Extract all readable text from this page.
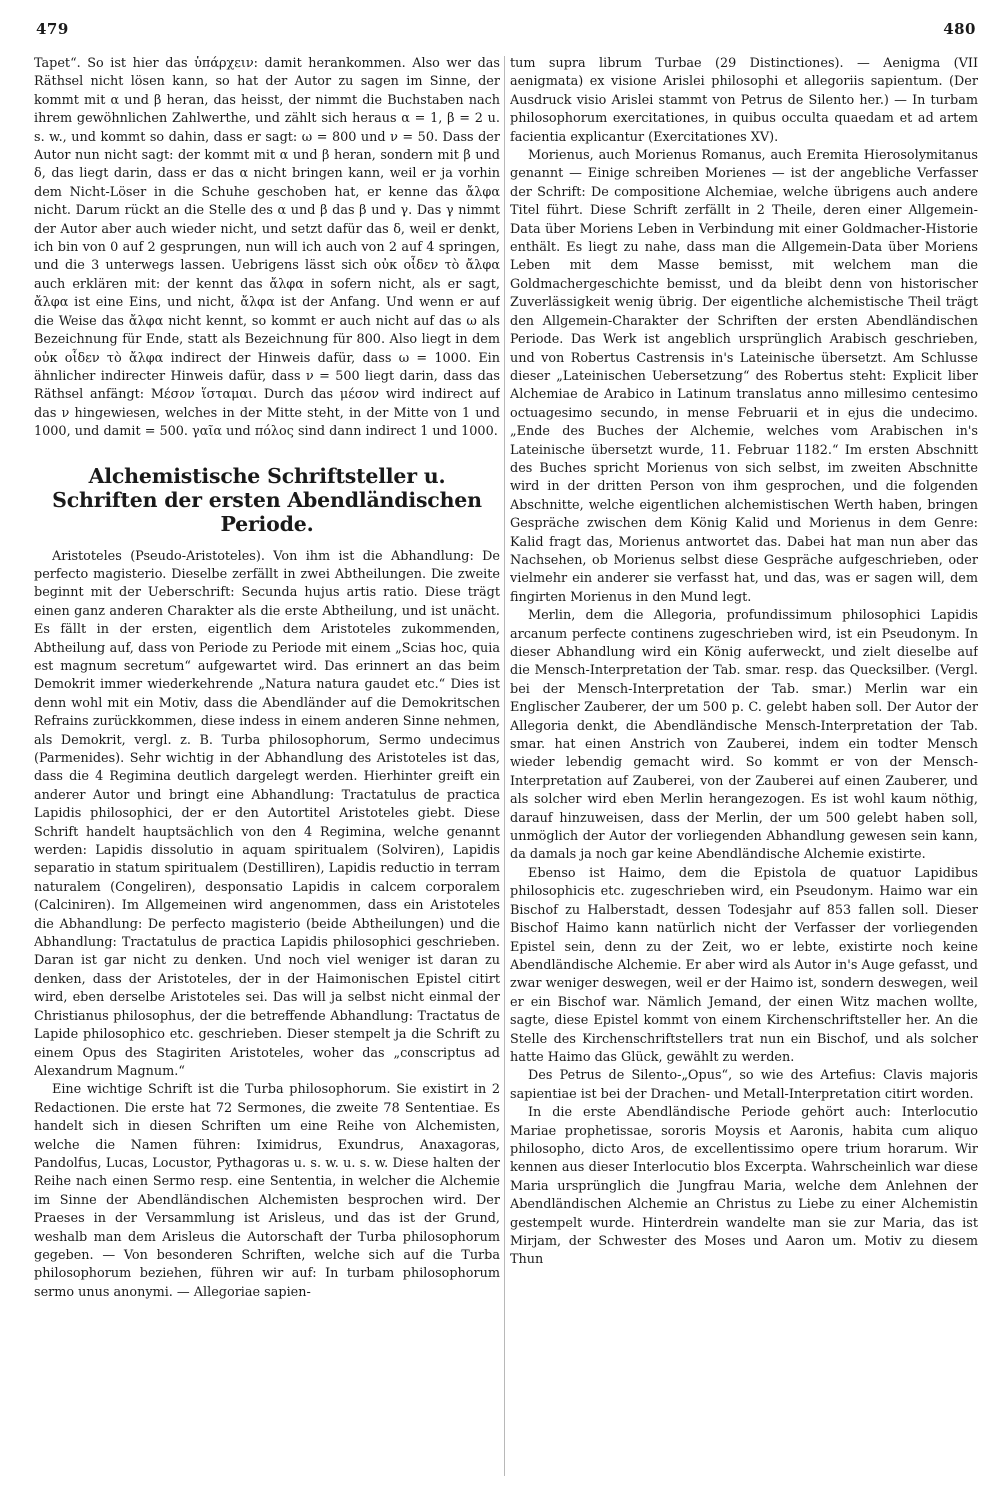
479	480

Tapet“. So ist hier das ὑπάρχειν: damit herankommen. Also wer das Räthsel nicht lösen kann, so hat der Autor zu sagen im Sinne, der kommt mit α und β heran, das heisst, der nimmt die Buchstaben nach ihrem gewöhnlichen Zahlwerthe, und zählt sich heraus α = 1, β = 2 u. s. w., und kommt so dahin, dass er sagt: ω = 800 und ν = 50. Dass der Autor nun nicht sagt: der kommt mit α und β heran, sondern mit β und δ, das liegt darin, dass er das α nicht bringen kann, weil er ja vorhin dem Nicht-Löser in die Schuhe geschoben hat, er kenne das ἄλφα nicht. Darum rückt an die Stelle des α und β das β und γ. Das γ nimmt der Autor aber auch wieder nicht, und setzt dafür das δ, weil er denkt, ich bin von 0 auf 2 gesprungen, nun will ich auch von 2 auf 4 springen, und die 3 unterwegs lassen. Uebrigens lässt sich οὐκ οἶδεν τὸ ἄλφα auch erklären mit: der kennt das ἄλφα in sofern nicht, als er sagt, ἄλφα ist eine Eins, und nicht, ἄλφα ist der Anfang. Und wenn er auf die Weise das ἄλφα nicht kennt, so kommt er auch nicht auf das ω als Bezeichnung für Ende, statt als Bezeichnung für 800. Also liegt in dem οὐκ οἶδεν τὸ ἄλφα indirect der Hinweis dafür, dass ω = 1000. Ein ähnlicher indirecter Hinweis dafür, dass ν = 500 liegt darin, dass das Räthsel anfängt: Μέσον ἵσταμαι. Durch das μέσον wird indirect auf das ν hingewiesen, welches in der Mitte steht, in der Mitte von 1 und 1000, und damit = 500. γαῖα und πόλος sind dann indirect 1 und 1000.

Alchemistische Schriftsteller u. Schriften der ersten Abendländischen Periode.

Aristoteles (Pseudo-Aristoteles). Von ihm ist die Abhandlung: De perfecto magisterio. Dieselbe zerfällt in zwei Abtheilungen. Die zweite beginnt mit der Ueberschrift: Secunda hujus artis ratio. Diese trägt einen ganz anderen Charakter als die erste Abtheilung, und ist unächt. Es fällt in der ersten, eigentlich dem Aristoteles zukommenden, Abtheilung auf, dass von Periode zu Periode mit einem „Scias hoc, quia est magnum secretum“ aufgewartet wird. Das erinnert an das beim Demokrit immer wiederkehrende „Natura natura gaudet etc.“ Dies ist denn wohl mit ein Motiv, dass die Abendländer auf die Demokritschen Refrains zurückkommen, diese indess in einem anderen Sinne nehmen, als Demokrit, vergl. z. B. Turba philosophorum, Sermo undecimus (Parmenides). Sehr wichtig in der Abhandlung des Aristoteles ist das, dass die 4 Regimina deutlich dargelegt werden. Hierhinter greift ein anderer Autor und bringt eine Abhandlung: Tractatulus de practica Lapidis philosophici, der er den Autortitel Aristoteles giebt. Diese Schrift handelt hauptsächlich von den 4 Regimina, welche genannt werden: Lapidis dissolutio in aquam spiritualem (Solviren), Lapidis separatio in statum spiritualem (Destilliren), Lapidis reductio in terram naturalem (Congeliren), desponsatio Lapidis in calcem corporalem (Calciniren). Im Allgemeinen wird angenommen, dass ein Aristoteles die Abhandlung: De perfecto magisterio (beide Abtheilungen) und die Abhandlung: Tractatulus de practica Lapidis philosophici geschrieben. Daran ist gar nicht zu denken. Und noch viel weniger ist daran zu denken, dass der Aristoteles, der in der Haimonischen Epistel citirt wird, eben derselbe Aristoteles sei. Das will ja selbst nicht einmal der Christianus philosophus, der die betreffende Abhandlung: Tractatus de Lapide philosophico etc. geschrieben. Dieser stempelt ja die Schrift zu einem Opus des Stagiriten Aristoteles, woher das „conscriptus ad Alexandrum Magnum.“

Eine wichtige Schrift ist die Turba philosophorum. Sie existirt in 2 Redactionen. Die erste hat 72 Sermones, die zweite 78 Sententiae. Es handelt sich in diesen Schriften um eine Reihe von Alchemisten, welche die Namen führen: Iximidrus, Exundrus, Anaxagoras, Pandolfus, Lucas, Locustor, Pythagoras u. s. w. u. s. w. Diese halten der Reihe nach einen Sermo resp. eine Sententia, in welcher die Alchemie im Sinne der Abendländischen Alchemisten besprochen wird. Der Praeses in der Versammlung ist Arisleus, und das ist der Grund, weshalb man dem Arisleus die Autorschaft der Turba philosophorum gegeben. — Von besonderen Schriften, welche sich auf die Turba philosophorum beziehen, führen wir auf: In turbam philosophorum sermo unus anonymi. — Allegoriae sapien-

tum supra librum Turbae (29 Distinctiones). — Aenigma (VII aenigmata) ex visione Arislei philosophi et allegoriis sapientum. (Der Ausdruck visio Arislei stammt von Petrus de Silento her.) — In turbam philosophorum exercitationes, in quibus occulta quaedam et ad artem facientia explicantur (Exercitationes XV).

Morienus, auch Morienus Romanus, auch Eremita Hierosolymitanus genannt — Einige schreiben Morienes — ist der angebliche Verfasser der Schrift: De compositione Alchemiae, welche übrigens auch andere Titel führt. Diese Schrift zerfällt in 2 Theile, deren einer Allgemein-Data über Moriens Leben in Verbindung mit einer Goldmacher-Historie enthält. Es liegt zu nahe, dass man die Allgemein-Data über Moriens Leben mit dem Masse bemisst, mit welchem man die Goldmachergeschichte bemisst, und da bleibt denn von historischer Zuverlässigkeit wenig übrig. Der eigentliche alchemistische Theil trägt den Allgemein-Charakter der Schriften der ersten Abendländischen Periode. Das Werk ist angeblich ursprünglich Arabisch geschrieben, und von Robertus Castrensis in's Lateinische übersetzt. Am Schlusse dieser „Lateinischen Uebersetzung“ des Robertus steht: Explicit liber Alchemiae de Arabico in Latinum translatus anno millesimo centesimo octuagesimo secundo, in mense Februarii et in ejus die undecimo. „Ende des Buches der Alchemie, welches vom Arabischen in's Lateinische übersetzt wurde, 11. Februar 1182.“ Im ersten Abschnitt des Buches spricht Morienus von sich selbst, im zweiten Abschnitte wird in der dritten Person von ihm gesprochen, und die folgenden Abschnitte, welche eigentlichen alchemistischen Werth haben, bringen Gespräche zwischen dem König Kalid und Morienus in dem Genre: Kalid fragt das, Morienus antwortet das. Dabei hat man nun aber das Nachsehen, ob Morienus selbst diese Gespräche aufgeschrieben, oder vielmehr ein anderer sie verfasst hat, und das, was er sagen will, dem fingirten Morienus in den Mund legt.

Merlin, dem die Allegoria, profundissimum philosophici Lapidis arcanum perfecte continens zugeschrieben wird, ist ein Pseudonym. In dieser Abhandlung wird ein König auferweckt, und zielt dieselbe auf die Mensch-Interpretation der Tab. smar. resp. das Quecksilber. (Vergl. bei der Mensch-Interpretation der Tab. smar.) Merlin war ein Englischer Zauberer, der um 500 p. C. gelebt haben soll. Der Autor der Allegoria denkt, die Abendländische Mensch-Interpretation der Tab. smar. hat einen Anstrich von Zauberei, indem ein todter Mensch wieder lebendig gemacht wird. So kommt er von der Mensch-Interpretation auf Zauberei, von der Zauberei auf einen Zauberer, und als solcher wird eben Merlin herangezogen. Es ist wohl kaum nöthig, darauf hinzuweisen, dass der Merlin, der um 500 gelebt haben soll, unmöglich der Autor der vorliegenden Abhandlung gewesen sein kann, da damals ja noch gar keine Abendländische Alchemie existirte.

Ebenso ist Haimo, dem die Epistola de quatuor Lapidibus philosophicis etc. zugeschrieben wird, ein Pseudonym. Haimo war ein Bischof zu Halberstadt, dessen Todesjahr auf 853 fallen soll. Dieser Bischof Haimo kann natürlich nicht der Verfasser der vorliegenden Epistel sein, denn zu der Zeit, wo er lebte, existirte noch keine Abendländische Alchemie. Er aber wird als Autor in's Auge gefasst, und zwar weniger deswegen, weil er der Haimo ist, sondern deswegen, weil er ein Bischof war. Nämlich Jemand, der einen Witz machen wollte, sagte, diese Epistel kommt von einem Kirchenschriftsteller her. An die Stelle des Kirchenschriftstellers trat nun ein Bischof, und als solcher hatte Haimo das Glück, gewählt zu werden.

Des Petrus de Silento-„Opus“, so wie des Artefius: Clavis majoris sapientiae ist bei der Drachen- und Metall-Interpretation citirt worden.

In die erste Abendländische Periode gehört auch: Interlocutio Mariae prophetissae, sororis Moysis et Aaronis, habita cum aliquo philosopho, dicto Aros, de excellentissimo opere trium horarum. Wir kennen aus dieser Interlocutio blos Excerpta. Wahrscheinlich war diese Maria ursprünglich die Jungfrau Maria, welche dem Anlehnen der Abendländischen Alchemie an Christus zu Liebe zu einer Alchemistin gestempelt wurde. Hinterdrein wandelte man sie zur Maria, das ist Mirjam, der Schwester des Moses und Aaron um. Motiv zu diesem Thun
